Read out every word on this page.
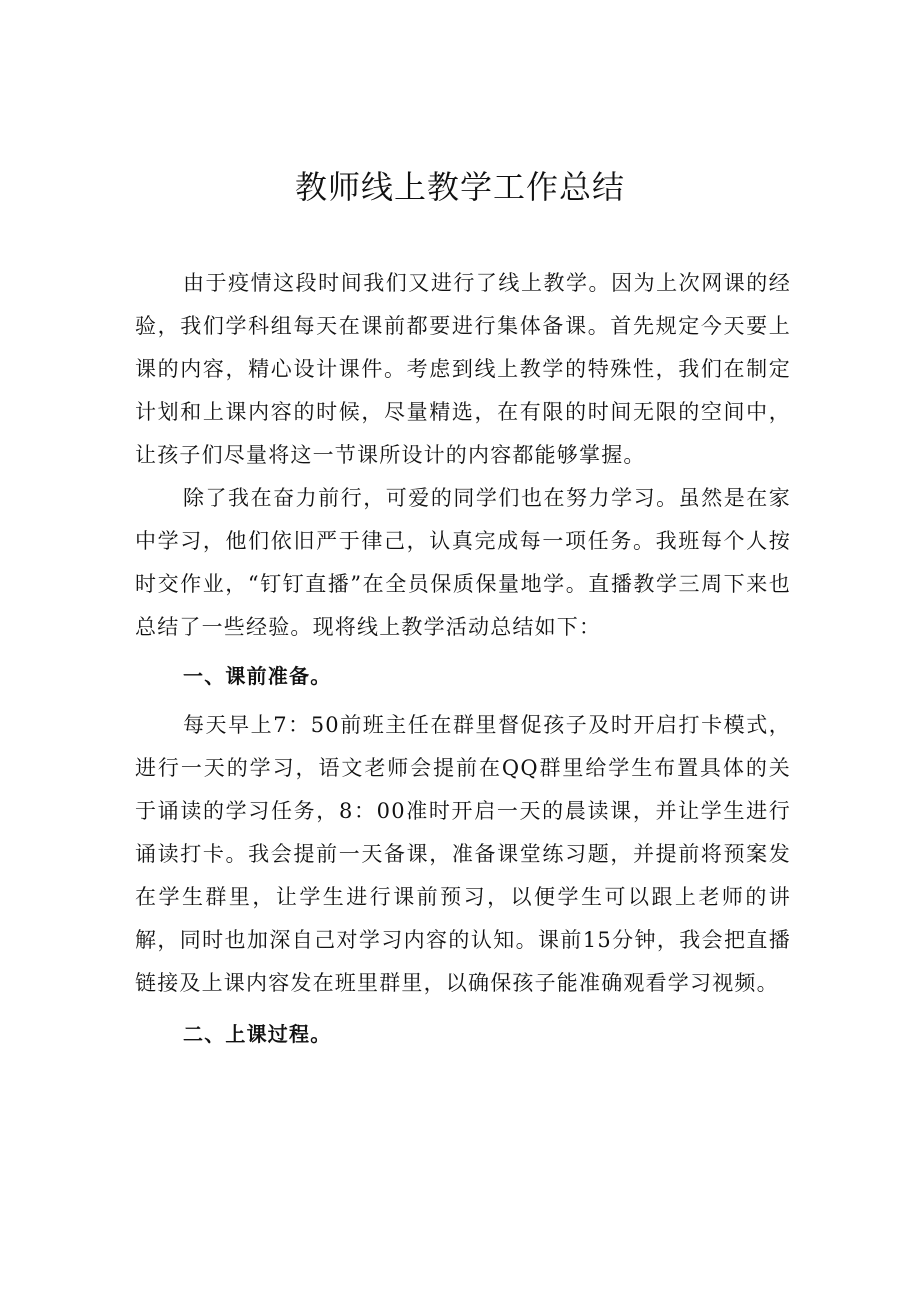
教师线上教学工作总结

由于疫情这段时间我们又进行了线上教学。因为上次网课的经验，我们学科组每天在课前都要进行集体备课。首先规定今天要上课的内容，精心设计课件。考虑到线上教学的特殊性，我们在制定计划和上课内容的时候，尽量精选，在有限的时间无限的空间中，让孩子们尽量将这一节课所设计的内容都能够掌握。

除了我在奋力前行，可爱的同学们也在努力学习。虽然是在家中学习，他们依旧严于律己，认真完成每一项任务。我班每个人按时交作业，“钉钉直播”在全员保质保量地学。直播教学三周下来也总结了一些经验。现将线上教学活动总结如下：

一、课前准备。

每天早上7：50前班主任在群里督促孩子及时开启打卡模式，进行一天的学习，语文老师会提前在QQ群里给学生布置具体的关于诵读的学习任务，8：00准时开启一天的晨读课，并让学生进行诵读打卡。我会提前一天备课，准备课堂练习题，并提前将预案发在学生群里，让学生进行课前预习，以便学生可以跟上老师的讲解，同时也加深自己对学习内容的认知。课前15分钟，我会把直播链接及上课内容发在班里群里，以确保孩子能准确观看学习视频。

二、上课过程。
